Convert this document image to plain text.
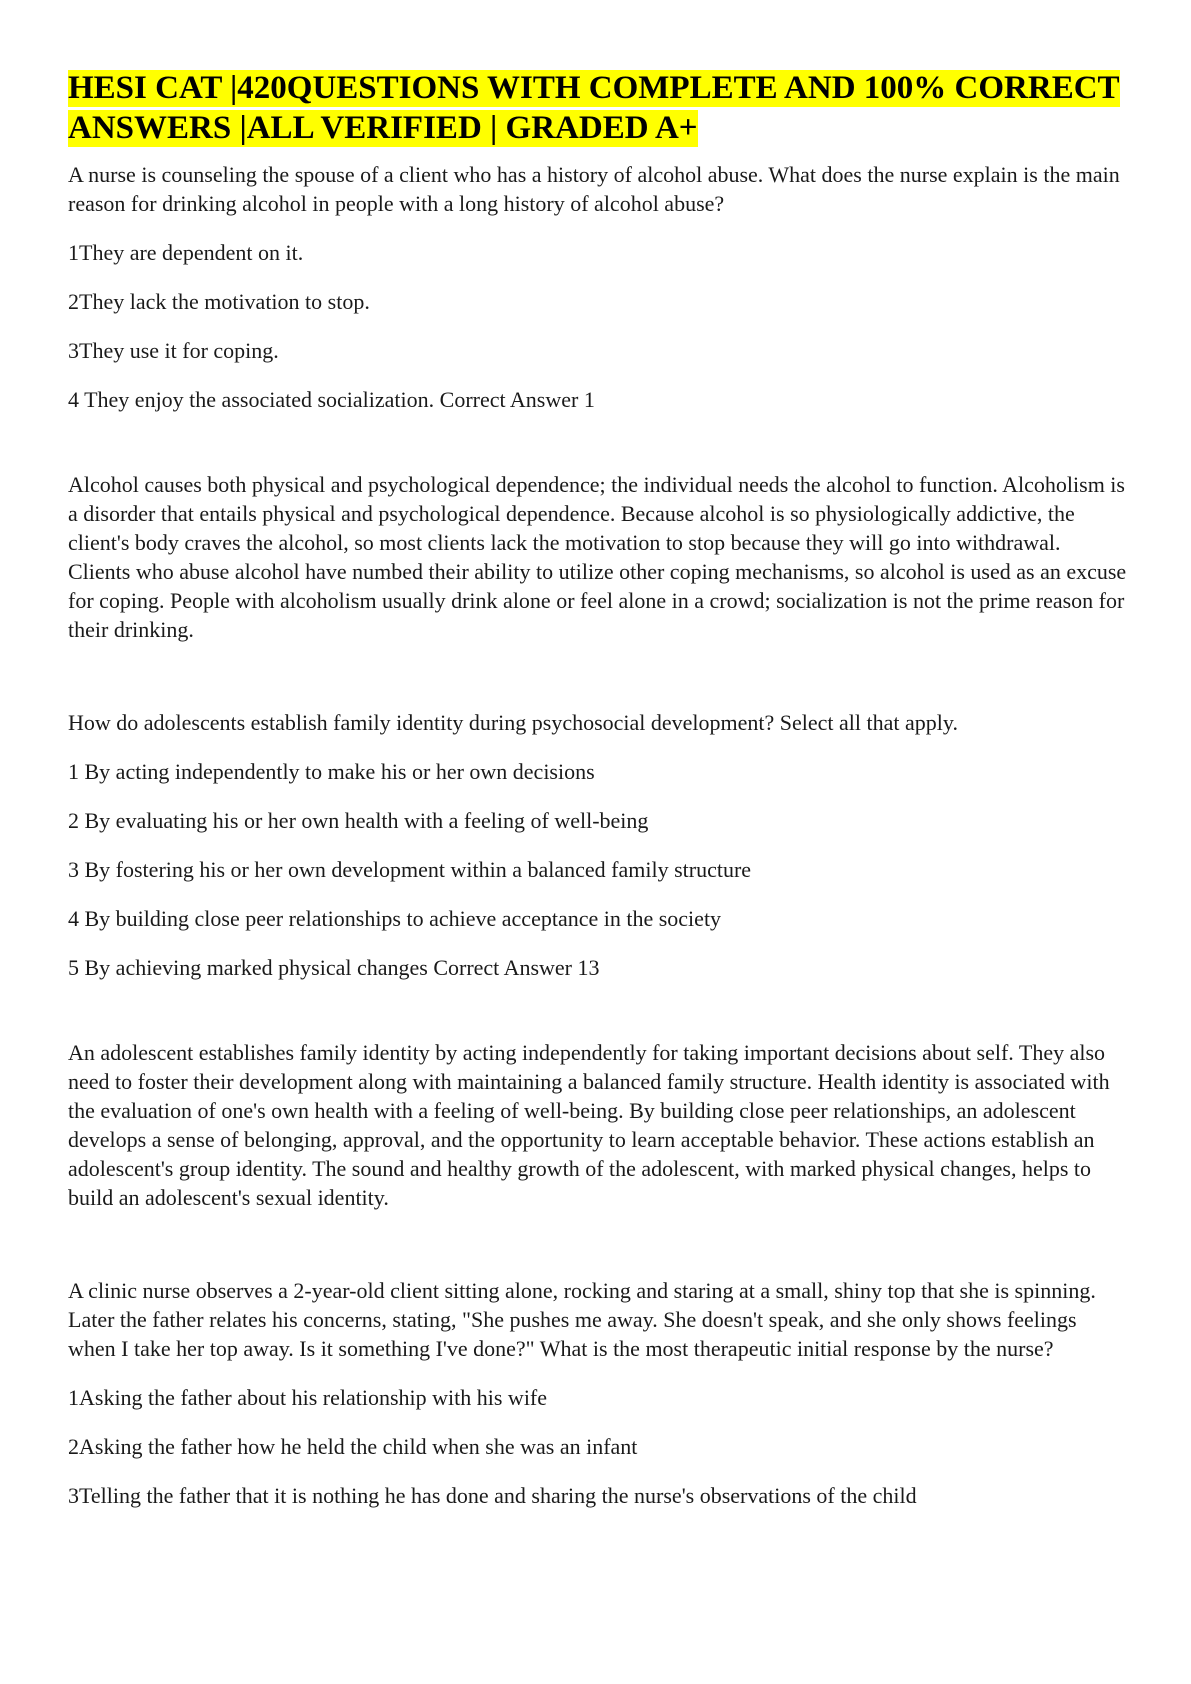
HESI CAT |420QUESTIONS WITH COMPLETE AND 100% CORRECT ANSWERS |ALL VERIFIED | GRADED A+

A nurse is counseling the spouse of a client who has a history of alcohol abuse. What does the nurse explain is the main reason for drinking alcohol in people with a long history of alcohol abuse?

1They are dependent on it.

2They lack the motivation to stop.

3They use it for coping.

4 They enjoy the associated socialization. Correct Answer 1

Alcohol causes both physical and psychological dependence; the individual needs the alcohol to function. Alcoholism is a disorder that entails physical and psychological dependence. Because alcohol is so physiologically addictive, the client's body craves the alcohol, so most clients lack the motivation to stop because they will go into withdrawal. Clients who abuse alcohol have numbed their ability to utilize other coping mechanisms, so alcohol is used as an excuse for coping. People with alcoholism usually drink alone or feel alone in a crowd; socialization is not the prime reason for their drinking.

How do adolescents establish family identity during psychosocial development? Select all that apply.

1 By acting independently to make his or her own decisions

2 By evaluating his or her own health with a feeling of well-being

3 By fostering his or her own development within a balanced family structure

4 By building close peer relationships to achieve acceptance in the society

5 By achieving marked physical changes Correct Answer 13

An adolescent establishes family identity by acting independently for taking important decisions about self. They also need to foster their development along with maintaining a balanced family structure. Health identity is associated with the evaluation of one's own health with a feeling of well-being. By building close peer relationships, an adolescent develops a sense of belonging, approval, and the opportunity to learn acceptable behavior. These actions establish an adolescent's group identity. The sound and healthy growth of the adolescent, with marked physical changes, helps to build an adolescent's sexual identity.

A clinic nurse observes a 2-year-old client sitting alone, rocking and staring at a small, shiny top that she is spinning. Later the father relates his concerns, stating, "She pushes me away. She doesn't speak, and she only shows feelings when I take her top away. Is it something I've done?" What is the most therapeutic initial response by the nurse?

1Asking the father about his relationship with his wife

2Asking the father how he held the child when she was an infant

3Telling the father that it is nothing he has done and sharing the nurse's observations of the child
